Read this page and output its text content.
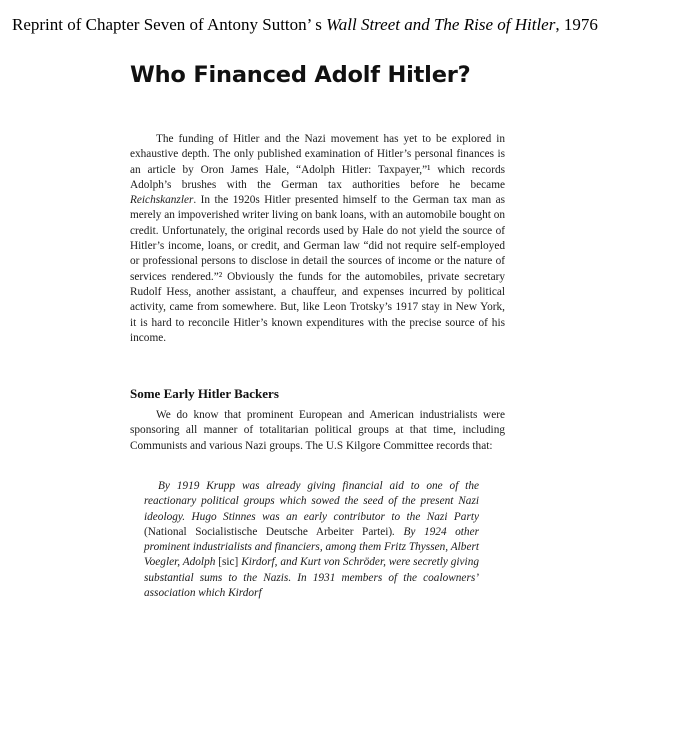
Reprint of Chapter Seven of Antony Sutton’ s Wall Street and The Rise of Hitler, 1976
Who Financed Adolf Hitler?

The funding of Hitler and the Nazi movement has yet to be explored in exhaustive depth. The only published examination of Hitler’s personal finances is an article by Oron James Hale, “Adolph Hitler: Taxpayer,”¹ which records Adolph’s brushes with the German tax authorities before he became Reichskanzler. In the 1920s Hitler presented himself to the German tax man as merely an impoverished writer living on bank loans, with an automobile bought on credit. Unfortunately, the original records used by Hale do not yield the source of Hitler’s income, loans, or credit, and German law “did not require self-employed or professional persons to disclose in detail the sources of income or the nature of services rendered.”² Obviously the funds for the automobiles, private secretary Rudolf Hess, another assistant, a chauffeur, and expenses incurred by political activity, came from somewhere. But, like Leon Trotsky’s 1917 stay in New York, it is hard to reconcile Hitler’s known expenditures with the precise source of his income.

Some Early Hitler Backers

We do know that prominent European and American industrialists were sponsoring all manner of totalitarian political groups at that time, including Communists and various Nazi groups. The U.S Kilgore Committee records that:

By 1919 Krupp was already giving financial aid to one of the reactionary political groups which sowed the seed of the present Nazi ideology. Hugo Stinnes was an early contributor to the Nazi Party (National Socialistische Deutsche Arbeiter Partei). By 1924 other prominent industrialists and financiers, among them Fritz Thyssen, Albert Voegler, Adolph [sic] Kirdorf, and Kurt von Schröder, were secretly giving substantial sums to the Nazis. In 1931 members of the coalowners’ association which Kirdorf
